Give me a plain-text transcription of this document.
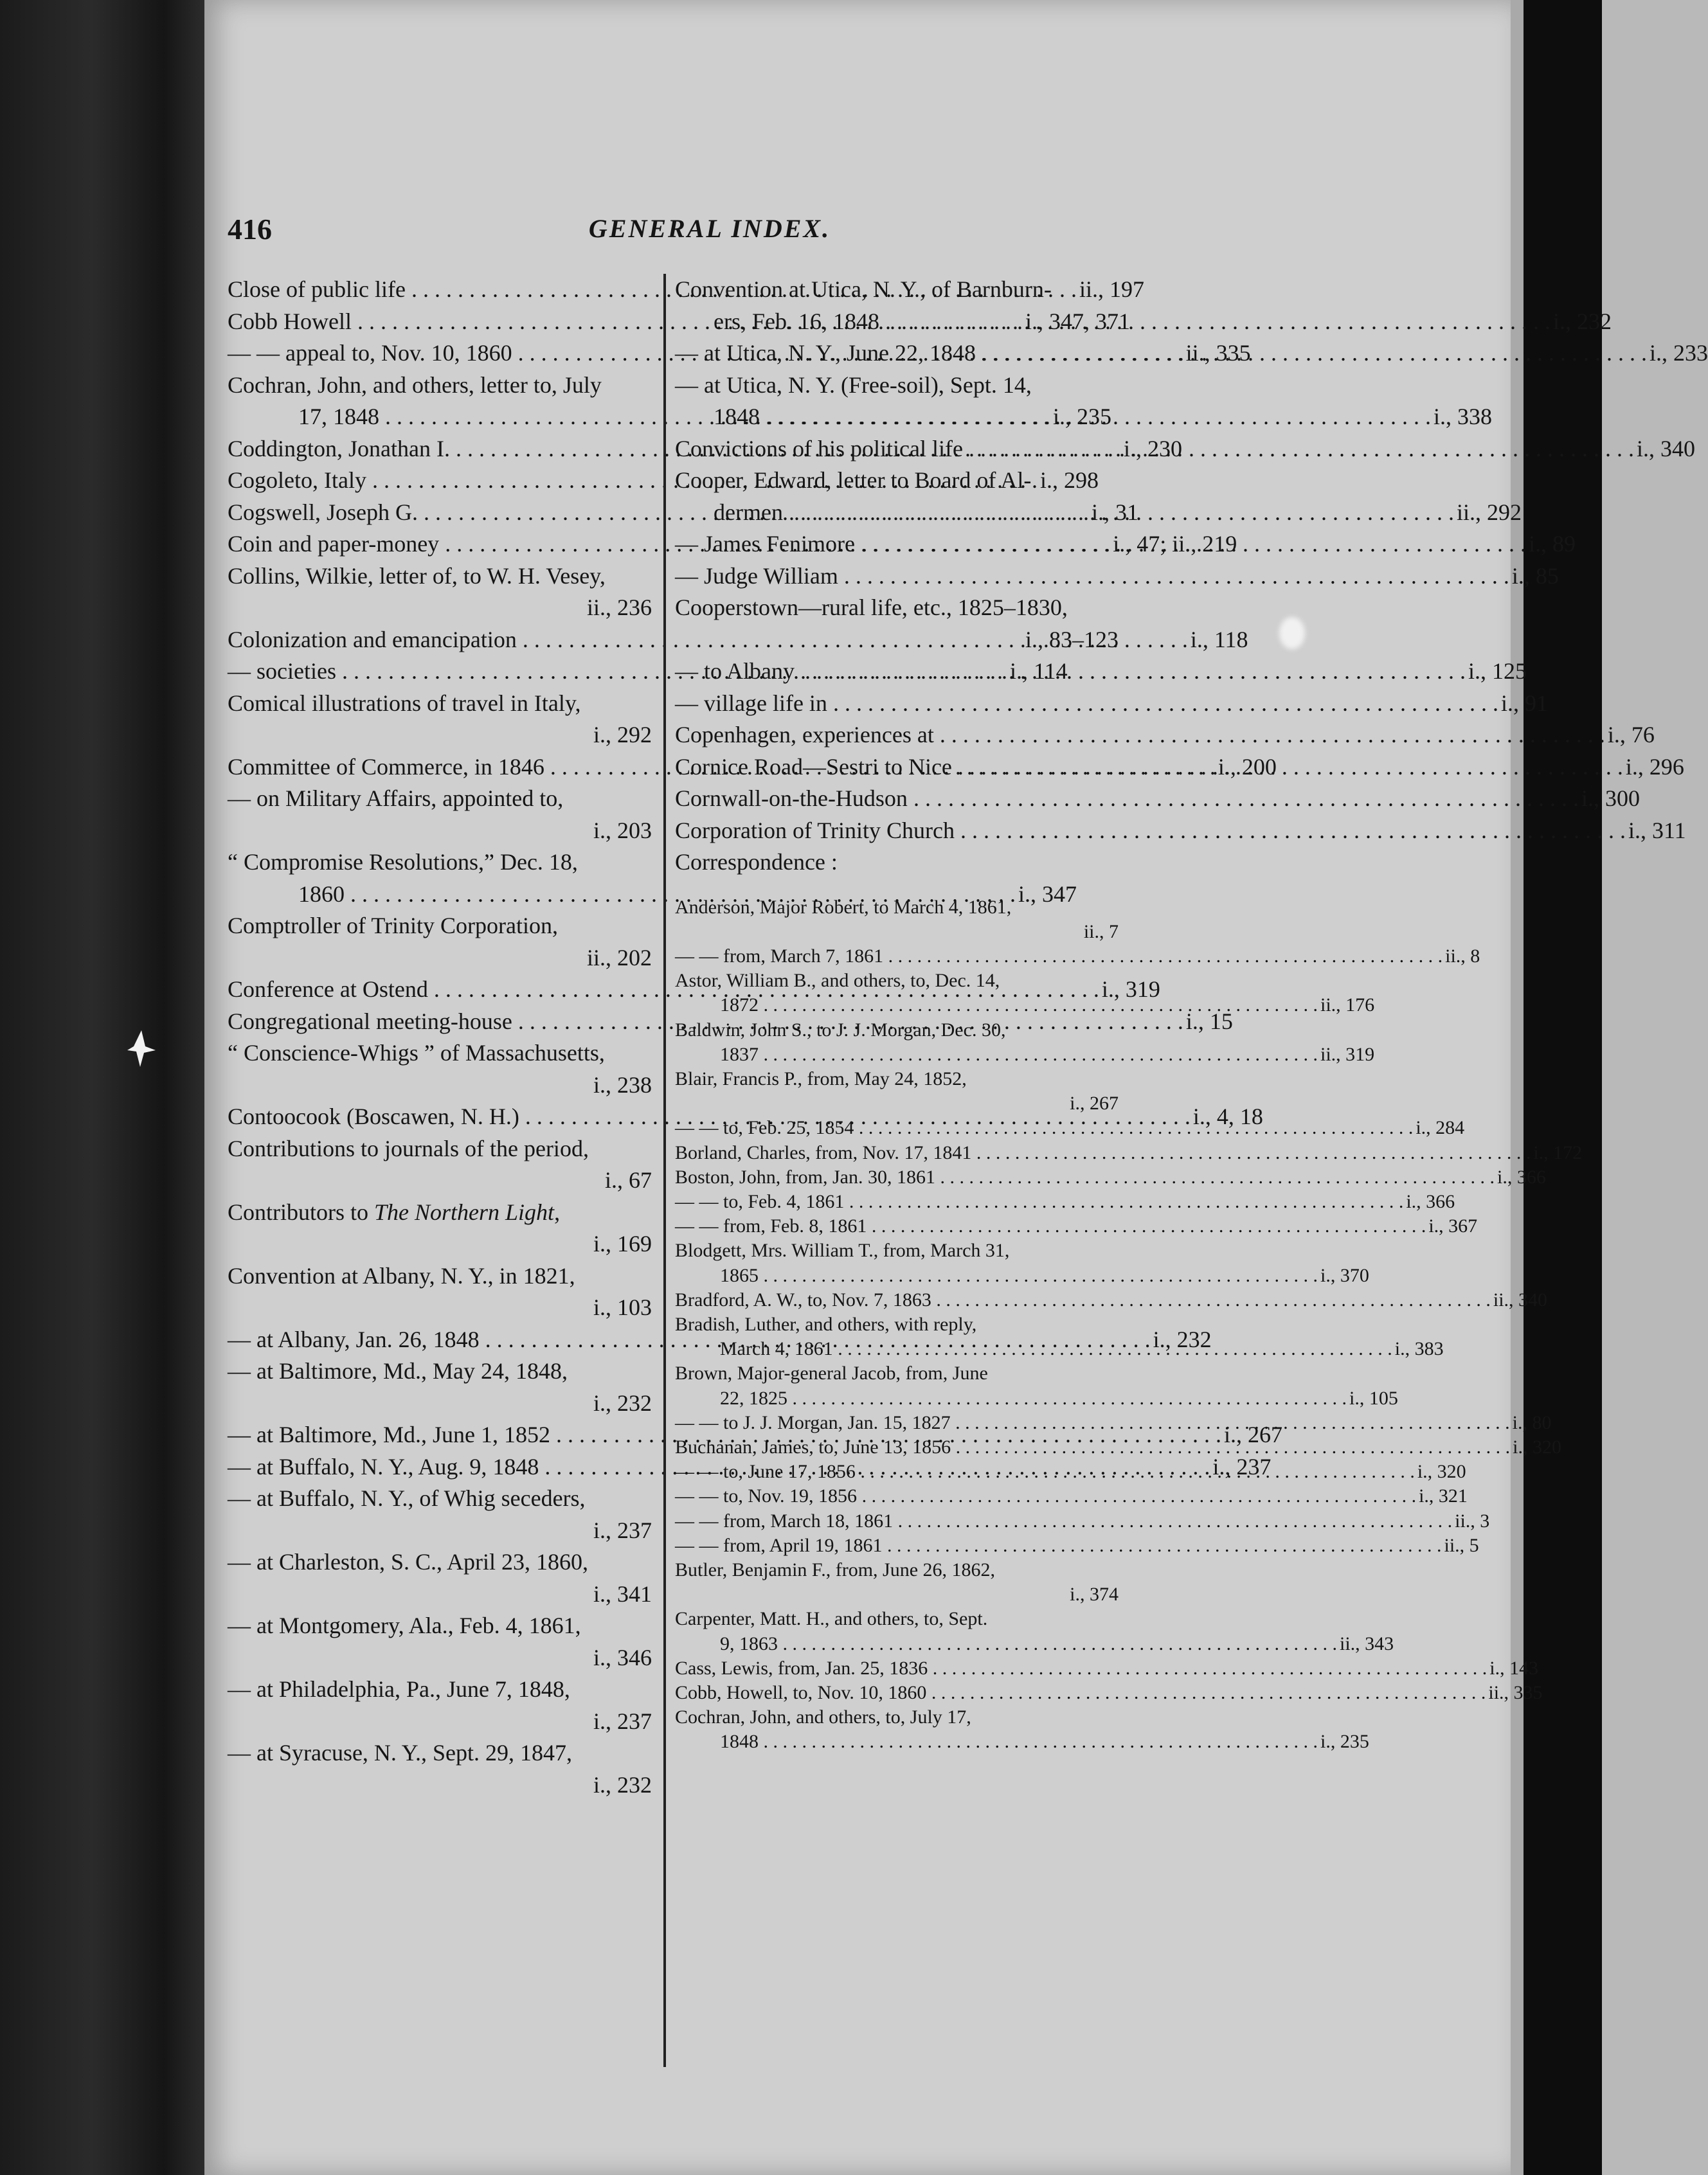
416	GENERAL INDEX.
Close of public life . . .	ii., 197
Cobb Howell . . .	i., 347, 371
— — appeal to, Nov. 10, 1860 . . .	ii., 335
Cochran, John, and others, letter to, July
17, 1848 . . .	i., 235
Coddington, Jonathan I. . . .	i., 230
Cogoleto, Italy . . .	i., 298
Cogswell, Joseph G. . . .	i., 31
Coin and paper-money . . .	i., 47; ii., 219
Collins, Wilkie, letter of, to W. H. Vesey,
ii., 236
Colonization and emancipation . . .	i., 118
— societies . . .	i., 114
Comical illustrations of travel in Italy,
i., 292
Committee of Commerce, in 1846 . . .	i., 200
— on Military Affairs, appointed to,
i., 203
“ Compromise Resolutions,” Dec. 18,
1860 . . .	i., 347
Comptroller of Trinity Corporation,
ii., 202
Conference at Ostend . . .	i., 319
Congregational meeting-house . . .	i., 15
“ Conscience-Whigs ” of Massachusetts,
i., 238
Contoocook (Boscawen, N. H.) . . .	i., 4, 18
Contributions to journals of the period,
i., 67
Contributors to The Northern Light,
i., 169
Convention at Albany, N. Y., in 1821,
i., 103
— at Albany, Jan. 26, 1848 . . .	i., 232
— at Baltimore, Md., May 24, 1848,
i., 232
— at Baltimore, Md., June 1, 1852 . . .	i., 267
— at Buffalo, N. Y., Aug. 9, 1848 . . .	i., 237
— at Buffalo, N. Y., of Whig seceders,
i., 237
— at Charleston, S. C., April 23, 1860,
i., 341
— at Montgomery, Ala., Feb. 4, 1861,
i., 346
— at Philadelphia, Pa., June 7, 1848,
i., 237
— at Syracuse, N. Y., Sept. 29, 1847,
i., 232
Convention at Utica, N. Y., of Barnburn-
ers, Feb. 16, 1848 . . .	i., 232
— at Utica, N. Y., June 22, 1848 . . .	i., 233
— at Utica, N. Y. (Free-soil), Sept. 14,
1848 . . .	i., 338
Convictions of his political life . . .	i., 340
Cooper, Edward, letter to Board of Al-
dermen . . .	ii., 292
— James Fenimore . . .	i., 89
— Judge William . . .	i., 85
Cooperstown—rural life, etc., 1825–1830,
i., 83–123
— to Albany . . .	i., 125
— village life in . . .	i., 91
Copenhagen, experiences at . . .	i., 76
Cornice Road—Sestri to Nice . . .	i., 296
Cornwall-on-the-Hudson . . .	i., 300
Corporation of Trinity Church . . .	i., 311
Correspondence :
Anderson, Major Robert, to March 4, 1861,
ii., 7
— — from, March 7, 1861 . . .	ii., 8
Astor, William B., and others, to, Dec. 14,
1872 . . .	ii., 176
Baldwin, John S., to J. J. Morgan, Dec. 30,
1837 . . .	ii., 319
Blair, Francis P., from, May 24, 1852,
i., 267
— — to, Feb. 25, 1854 . . .	i., 284
Borland, Charles, from, Nov. 17, 1841 . . .	i., 172
Boston, John, from, Jan. 30, 1861 . . .	i., 366
— — to, Feb. 4, 1861 . . .	i., 366
— — from, Feb. 8, 1861 . . .	i., 367
Blodgett, Mrs. William T., from, March 31,
1865 . . .	i., 370
Bradford, A. W., to, Nov. 7, 1863 . . .	ii., 340
Bradish, Luther, and others, with reply,
March 4, 1861 . . .	i., 383
Brown, Major-general Jacob, from, June
22, 1825 . . .	i., 105
— — to J. J. Morgan, Jan. 15, 1827 . . .	i., 80
Buchanan, James, to, June 13, 1856 . . .	i., 320
— — to, June 17, 1856 . . .	i., 320
— — to, Nov. 19, 1856 . . .	i., 321
— — from, March 18, 1861 . . .	ii., 3
— — from, April 19, 1861 . . .	ii., 5
Butler, Benjamin F., from, June 26, 1862,
i., 374
Carpenter, Matt. H., and others, to, Sept.
9, 1863 . . .	ii., 343
Cass, Lewis, from, Jan. 25, 1836 . . .	i., 143
Cobb, Howell, to, Nov. 10, 1860 . . .	ii., 335
Cochran, John, and others, to, July 17,
1848 . . .	i., 235
